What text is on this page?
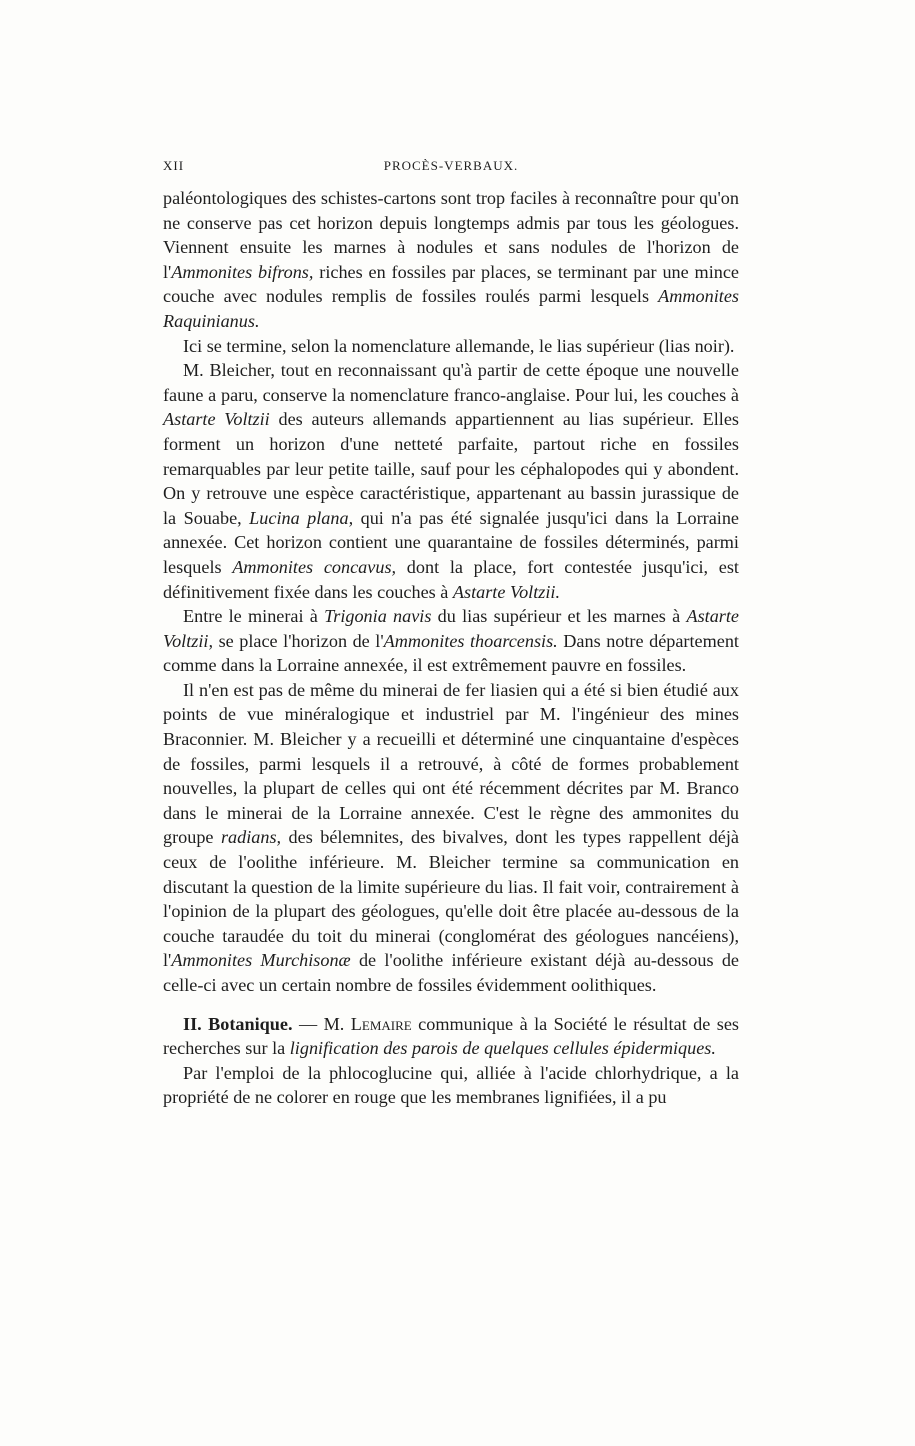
XII	PROCÈS-VERBAUX.

paléontologiques des schistes-cartons sont trop faciles à reconnaître pour qu'on ne conserve pas cet horizon depuis longtemps admis par tous les géologues. Viennent ensuite les marnes à nodules et sans nodules de l'horizon de l'Ammonites bifrons, riches en fossiles par places, se terminant par une mince couche avec nodules remplis de fossiles roulés parmi lesquels Ammonites Raquinianus.

Ici se termine, selon la nomenclature allemande, le lias supérieur (lias noir).

M. Bleicher, tout en reconnaissant qu'à partir de cette époque une nouvelle faune a paru, conserve la nomenclature franco-anglaise. Pour lui, les couches à Astarte Voltzii des auteurs allemands appartiennent au lias supérieur. Elles forment un horizon d'une netteté parfaite, partout riche en fossiles remarquables par leur petite taille, sauf pour les céphalopodes qui y abondent. On y retrouve une espèce caractéristique, appartenant au bassin jurassique de la Souabe, Lucina plana, qui n'a pas été signalée jusqu'ici dans la Lorraine annexée. Cet horizon contient une quarantaine de fossiles déterminés, parmi lesquels Ammonites concavus, dont la place, fort contestée jusqu'ici, est définitivement fixée dans les couches à Astarte Voltzii.

Entre le minerai à Trigonia navis du lias supérieur et les marnes à Astarte Voltzii, se place l'horizon de l'Ammonites thoarcensis. Dans notre département comme dans la Lorraine annexée, il est extrêmement pauvre en fossiles.

Il n'en est pas de même du minerai de fer liasien qui a été si bien étudié aux points de vue minéralogique et industriel par M. l'ingénieur des mines Braconnier. M. Bleicher y a recueilli et déterminé une cinquantaine d'espèces de fossiles, parmi lesquels il a retrouvé, à côté de formes probablement nouvelles, la plupart de celles qui ont été récemment décrites par M. Branco dans le minerai de la Lorraine annexée. C'est le règne des ammonites du groupe radians, des bélemnites, des bivalves, dont les types rappellent déjà ceux de l'oolithe inférieure. M. Bleicher termine sa communication en discutant la question de la limite supérieure du lias. Il fait voir, contrairement à l'opinion de la plupart des géologues, qu'elle doit être placée au-dessous de la couche taraudée du toit du minerai (conglomérat des géologues nancéiens), l'Ammonites Murchisonæ de l'oolithe inférieure existant déjà au-dessous de celle-ci avec un certain nombre de fossiles évidemment oolithiques.

II. Botanique. — M. Lemaire communique à la Société le résultat de ses recherches sur la lignification des parois de quelques cellules épidermiques.

Par l'emploi de la phlocoglucine qui, alliée à l'acide chlorhydrique, a la propriété de ne colorer en rouge que les membranes lignifiées, il a pu
